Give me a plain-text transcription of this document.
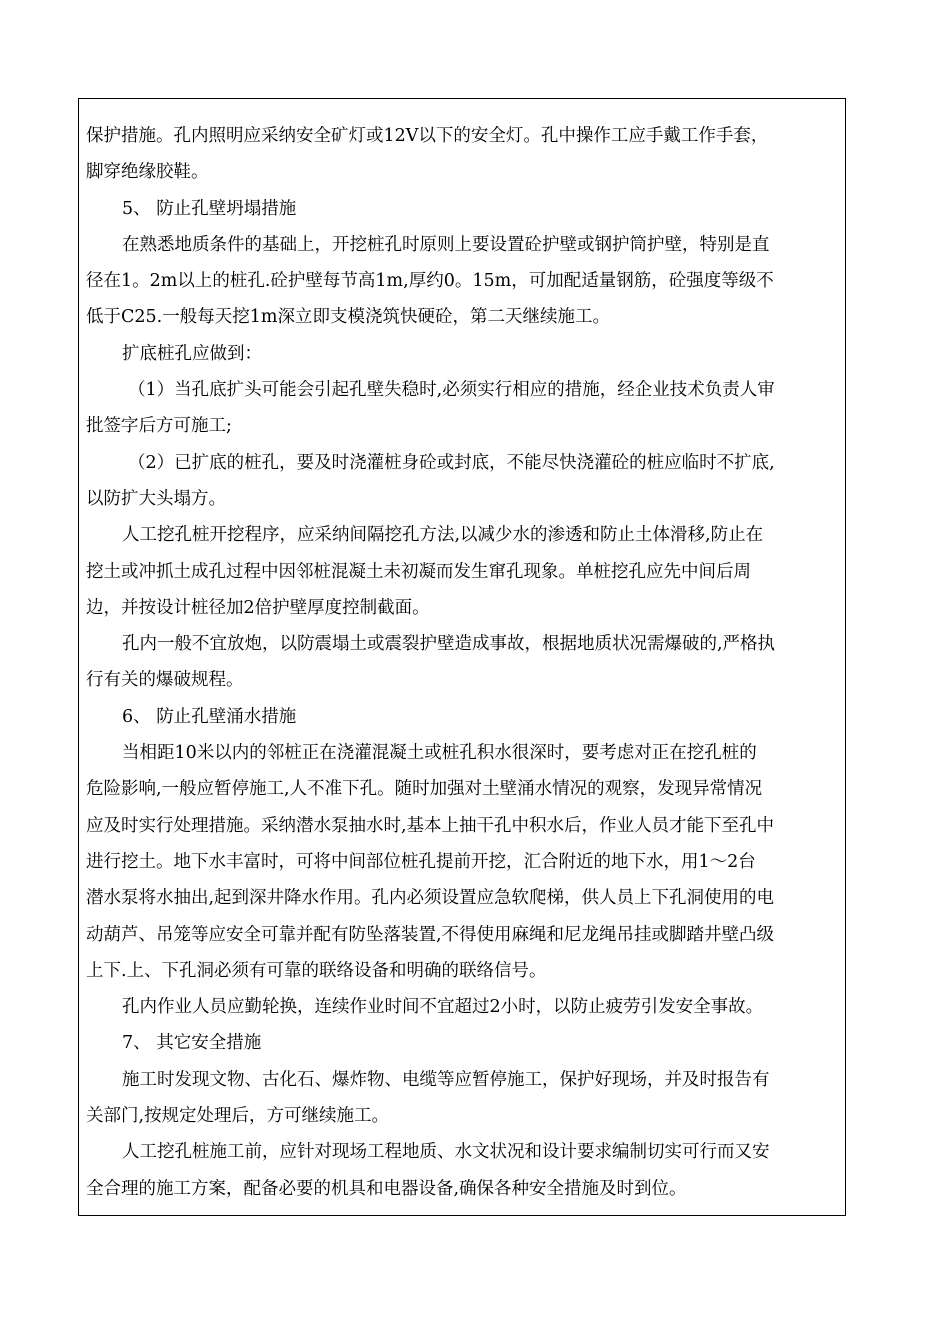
保护措施。孔内照明应采纳安全矿灯或12V以下的安全灯。孔中操作工应手戴工作手套，
脚穿绝缘胶鞋。
5、 防止孔壁坍塌措施
在熟悉地质条件的基础上，开挖桩孔时原则上要设置砼护壁或钢护筒护壁，特别是直
径在1。2m以上的桩孔.砼护壁每节高1m,厚约0。15m，可加配适量钢筋，砼强度等级不
低于C25.一般每天挖1m深立即支模浇筑快硬砼，第二天继续施工。
扩底桩孔应做到：
（1）当孔底扩头可能会引起孔壁失稳时,必须实行相应的措施，经企业技术负责人审
批签字后方可施工;
（2）已扩底的桩孔，要及时浇灌桩身砼或封底，不能尽快浇灌砼的桩应临时不扩底,
以防扩大头塌方。
人工挖孔桩开挖程序，应采纳间隔挖孔方法,以减少水的渗透和防止土体滑移,防止在
挖土或冲抓土成孔过程中因邻桩混凝土未初凝而发生窜孔现象。单桩挖孔应先中间后周
边，并按设计桩径加2倍护壁厚度控制截面。
孔内一般不宜放炮，以防震塌土或震裂护壁造成事故，根据地质状况需爆破的,严格执
行有关的爆破规程。
6、 防止孔壁涌水措施
当相距10米以内的邻桩正在浇灌混凝土或桩孔积水很深时，要考虑对正在挖孔桩的
危险影响,一般应暂停施工,人不准下孔。随时加强对土壁涌水情况的观察，发现异常情况
应及时实行处理措施。采纳潜水泵抽水时,基本上抽干孔中积水后，作业人员才能下至孔中
进行挖土。地下水丰富时，可将中间部位桩孔提前开挖，汇合附近的地下水，用1～2台
潜水泵将水抽出,起到深井降水作用。孔内必须设置应急软爬梯，供人员上下孔洞使用的电
动葫芦、吊笼等应安全可靠并配有防坠落装置,不得使用麻绳和尼龙绳吊挂或脚踏井壁凸级
上下.上、下孔洞必须有可靠的联络设备和明确的联络信号。
孔内作业人员应勤轮换，连续作业时间不宜超过2小时，以防止疲劳引发安全事故。
7、 其它安全措施
施工时发现文物、古化石、爆炸物、电缆等应暂停施工，保护好现场，并及时报告有
关部门,按规定处理后，方可继续施工。
人工挖孔桩施工前，应针对现场工程地质、水文状况和设计要求编制切实可行而又安
全合理的施工方案，配备必要的机具和电器设备,确保各种安全措施及时到位。
